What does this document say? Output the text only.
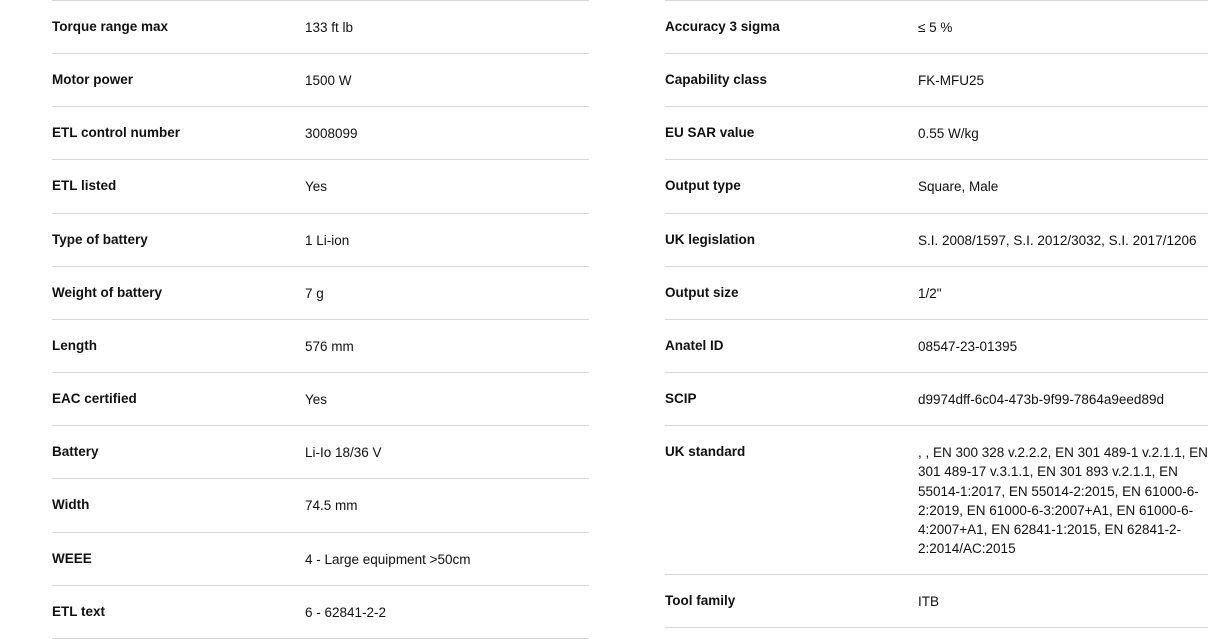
Torque range max	133 ft lb
Motor power	1500 W
ETL control number	3008099
ETL listed	Yes
Type of battery	1 Li-ion
Weight of battery	7 g
Length	576 mm
EAC certified	Yes
Battery	Li-Io 18/36 V
Width	74.5 mm
WEEE	4 - Large equipment >50cm
ETL text	6 - 62841-2-2
Accuracy 3 sigma	≤ 5 %
Capability class	FK-MFU25
EU SAR value	0.55 W/kg
Output type	Square, Male
UK legislation	S.I. 2008/1597, S.I. 2012/3032, S.I. 2017/1206
Output size	1/2"
Anatel ID	08547-23-01395
SCIP	d9974dff-6c04-473b-9f99-7864a9eed89d
UK standard	, , EN 300 328 v.2.2.2, EN 301 489-1 v.2.1.1, EN 301 489-17 v.3.1.1, EN 301 893 v.2.1.1, EN 55014-1:2017, EN 55014-2:2015, EN 61000-6-2:2019, EN 61000-6-3:2007+A1, EN 61000-6-4:2007+A1, EN 62841-1:2015, EN 62841-2-2:2014/AC:2015
Tool family	ITB
